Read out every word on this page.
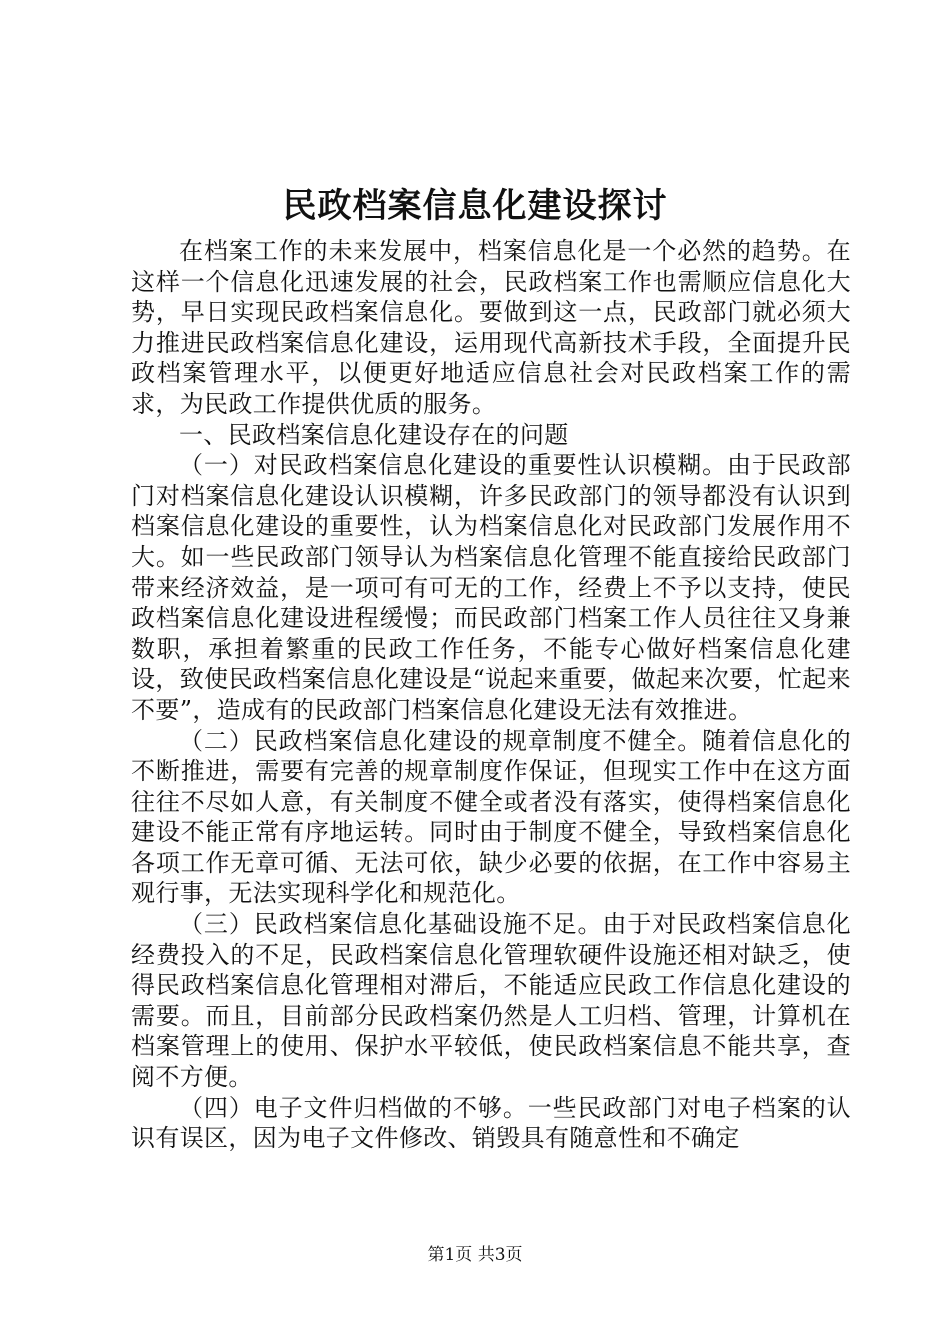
民政档案信息化建设探讨

在档案工作的未来发展中，档案信息化是一个必然的趋势。在这样一个信息化迅速发展的社会，民政档案工作也需顺应信息化大势，早日实现民政档案信息化。要做到这一点，民政部门就必须大力推进民政档案信息化建设，运用现代高新技术手段，全面提升民政档案管理水平，以便更好地适应信息社会对民政档案工作的需求，为民政工作提供优质的服务。

一、民政档案信息化建设存在的问题

（一）对民政档案信息化建设的重要性认识模糊。由于民政部门对档案信息化建设认识模糊，许多民政部门的领导都没有认识到档案信息化建设的重要性，认为档案信息化对民政部门发展作用不大。如一些民政部门领导认为档案信息化管理不能直接给民政部门带来经济效益，是一项可有可无的工作，经费上不予以支持，使民政档案信息化建设进程缓慢；而民政部门档案工作人员往往又身兼数职，承担着繁重的民政工作任务，不能专心做好档案信息化建设，致使民政档案信息化建设是“说起来重要，做起来次要，忙起来不要”，造成有的民政部门档案信息化建设无法有效推进。

（二）民政档案信息化建设的规章制度不健全。随着信息化的不断推进，需要有完善的规章制度作保证，但现实工作中在这方面往往不尽如人意，有关制度不健全或者没有落实，使得档案信息化建设不能正常有序地运转。同时由于制度不健全，导致档案信息化各项工作无章可循、无法可依，缺少必要的依据，在工作中容易主观行事，无法实现科学化和规范化。

（三）民政档案信息化基础设施不足。由于对民政档案信息化经费投入的不足，民政档案信息化管理软硬件设施还相对缺乏，使得民政档案信息化管理相对滞后，不能适应民政工作信息化建设的需要。而且，目前部分民政档案仍然是人工归档、管理，计算机在档案管理上的使用、保护水平较低，使民政档案信息不能共享，查阅不方便。

（四）电子文件归档做的不够。一些民政部门对电子档案的认识有误区，因为电子文件修改、销毁具有随意性和不确定

第1页 共3页
